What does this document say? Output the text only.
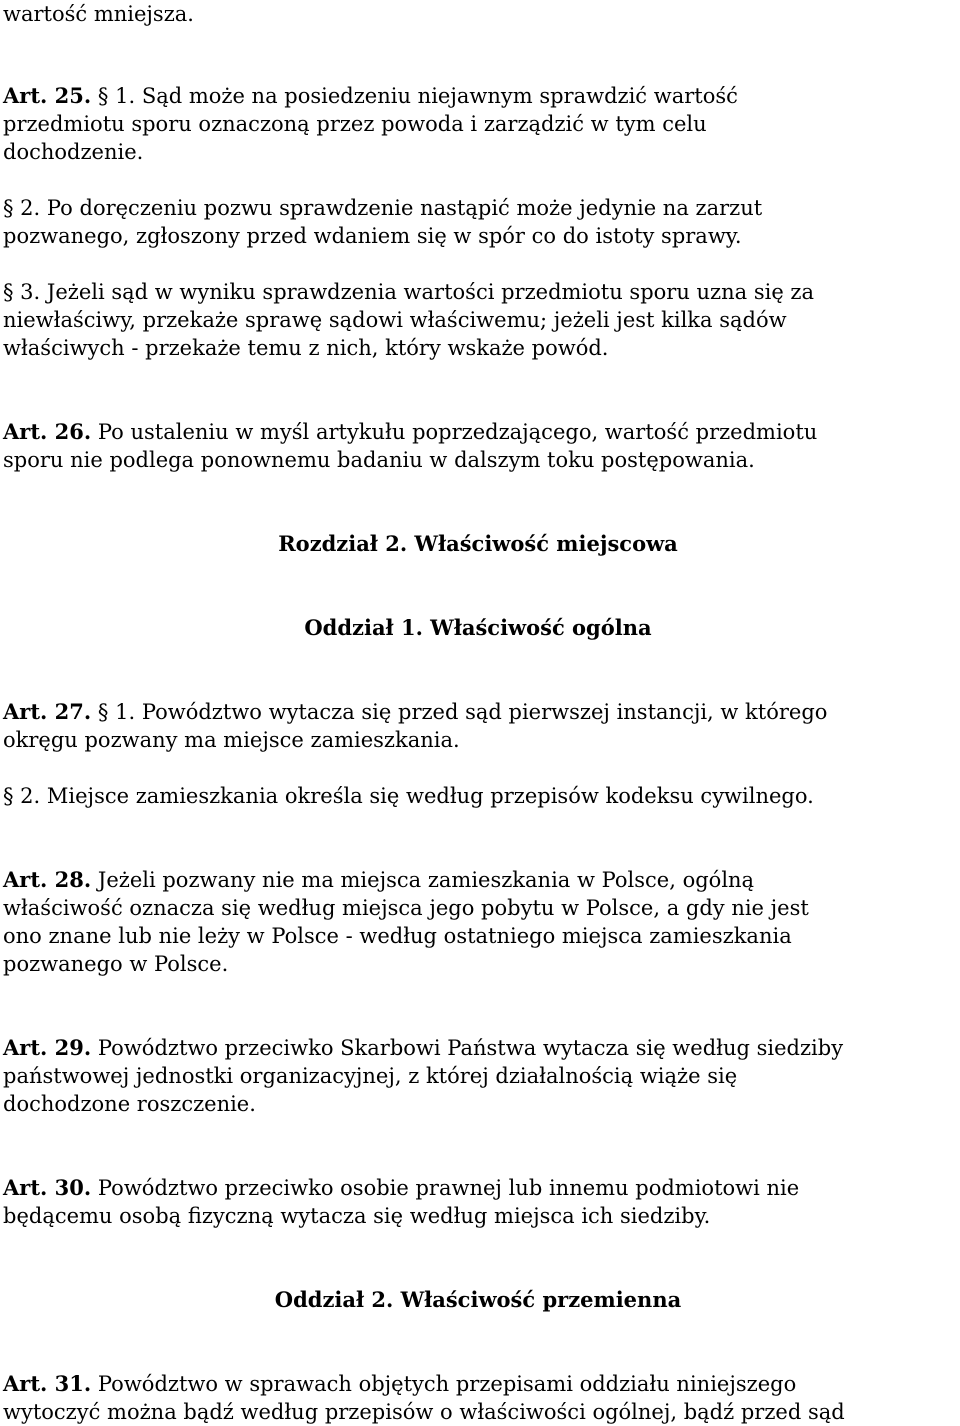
wartość mniejsza.

Art. 25. § 1. Sąd może na posiedzeniu niejawnym sprawdzić wartość
przedmiotu sporu oznaczoną przez powoda i zarządzić w tym celu
dochodzenie.

§ 2. Po doręczeniu pozwu sprawdzenie nastąpić może jedynie na zarzut
pozwanego, zgłoszony przed wdaniem się w spór co do istoty sprawy.

§ 3. Jeżeli sąd w wyniku sprawdzenia wartości przedmiotu sporu uzna się za
niewłaściwy, przekaże sprawę sądowi właściwemu; jeżeli jest kilka sądów
właściwych - przekaże temu z nich, który wskaże powód.

Art. 26. Po ustaleniu w myśl artykułu poprzedzającego, wartość przedmiotu
sporu nie podlega ponownemu badaniu w dalszym toku postępowania.

Rozdział 2. Właściwość miejscowa

Oddział 1. Właściwość ogólna

Art. 27. § 1. Powództwo wytacza się przed sąd pierwszej instancji, w którego
okręgu pozwany ma miejsce zamieszkania.

§ 2. Miejsce zamieszkania określa się według przepisów kodeksu cywilnego.

Art. 28. Jeżeli pozwany nie ma miejsca zamieszkania w Polsce, ogólną
właściwość oznacza się według miejsca jego pobytu w Polsce, a gdy nie jest
ono znane lub nie leży w Polsce - według ostatniego miejsca zamieszkania
pozwanego w Polsce.

Art. 29. Powództwo przeciwko Skarbowi Państwa wytacza się według siedziby
państwowej jednostki organizacyjnej, z której działalnością wiąże się
dochodzone roszczenie.

Art. 30. Powództwo przeciwko osobie prawnej lub innemu podmiotowi nie
będącemu osobą fizyczną wytacza się według miejsca ich siedziby.

Oddział 2. Właściwość przemienna

Art. 31. Powództwo w sprawach objętych przepisami oddziału niniejszego
wytoczyć można bądź według przepisów o właściwości ogólnej, bądź przed sąd
